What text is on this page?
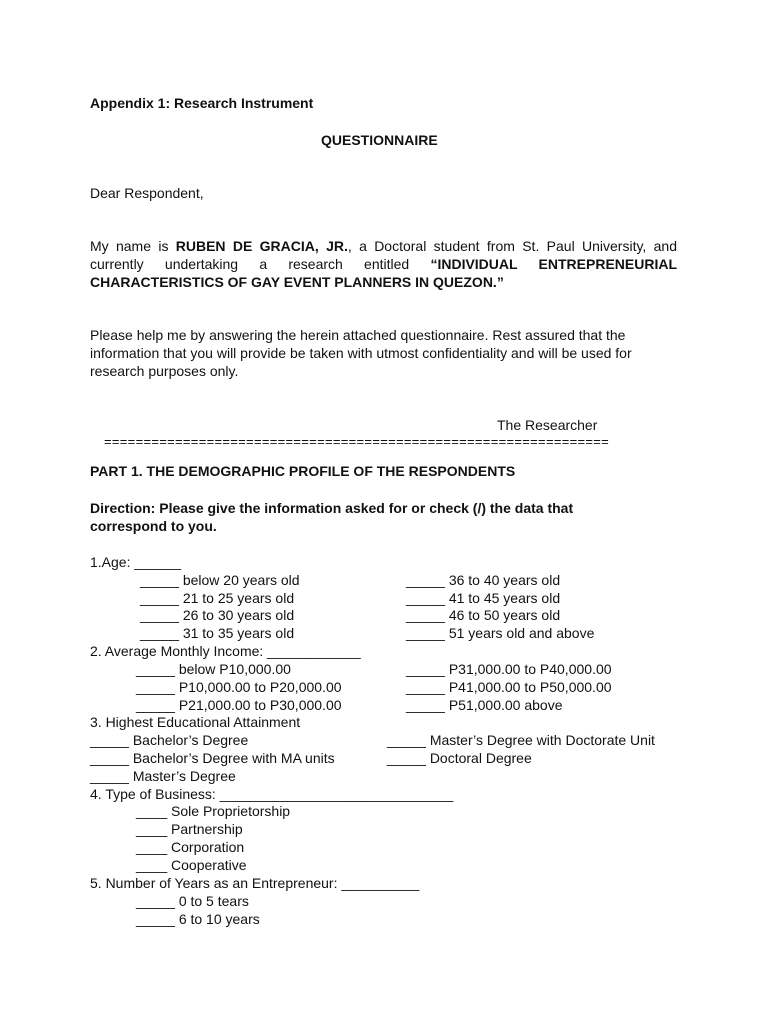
Appendix 1: Research Instrument
QUESTIONNAIRE
Dear Respondent,
My name is RUBEN DE GRACIA, JR., a Doctoral student from St. Paul University, and
currently undertaking a research entitled “INDIVIDUAL ENTREPRENEURIAL
CHARACTERISTICS OF GAY EVENT PLANNERS IN QUEZON.”
Please help me by answering the herein attached questionnaire. Rest assured that the
information that you will provide be taken with utmost confidentiality and will be used for
research purposes only.
The Researcher
================================================================
PART 1. THE DEMOGRAPHIC PROFILE OF THE RESPONDENTS
Direction: Please give the information asked for or check (/) the data that
correspond to you.
1.Age: ______
_____ below 20 years old
_____ 21 to 25 years old
_____ 26 to 30 years old
_____ 31 to 35 years old
_____ 36 to 40 years old
_____ 41 to 45 years old
_____ 46 to 50 years old
_____ 51 years old and above
2. Average Monthly Income: ____________
_____ below P10,000.00
_____ P10,000.00 to P20,000.00
_____ P21,000.00 to P30,000.00
_____ P31,000.00 to P40,000.00
_____ P41,000.00 to P50,000.00
_____ P51,000.00 above
3. Highest Educational Attainment
_____ Bachelor’s Degree
_____ Bachelor’s Degree with MA units
_____ Master’s Degree
_____ Master’s Degree with Doctorate Unit
_____ Doctoral Degree
4. Type of Business: ______________________________
____ Sole Proprietorship
____ Partnership
____ Corporation
____ Cooperative
5. Number of Years as an Entrepreneur: __________
_____ 0 to 5 tears
_____ 6 to 10 years
